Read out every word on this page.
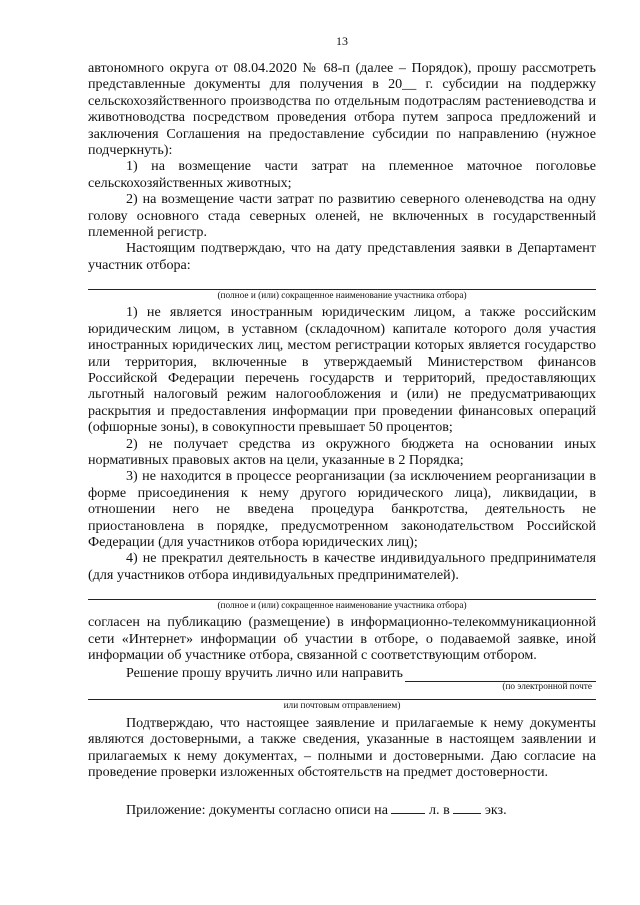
13

автономного округа от 08.04.2020 № 68-п (далее – Порядок), прошу рассмотреть представленные документы для получения в 20__ г. субсидии на поддержку сельскохозяйственного производства по отдельным подотраслям растениеводства и животноводства посредством проведения отбора путем запроса предложений и заключения Соглашения на предоставление субсидии по направлению (нужное подчеркнуть):

1) на возмещение части затрат на племенное маточное поголовье сельскохозяйственных животных;

2) на возмещение части затрат по развитию северного оленеводства на одну голову основного стада северных оленей, не включенных в государственный племенной регистр.

Настоящим подтверждаю, что на дату представления заявки в Департамент участник отбора:

(полное и (или) сокращенное наименование участника отбора)

1) не является иностранным юридическим лицом, а также российским юридическим лицом, в уставном (складочном) капитале которого доля участия иностранных юридических лиц, местом регистрации которых является государство или территория, включенные в утверждаемый Министерством финансов Российской Федерации перечень государств и территорий, предоставляющих льготный налоговый режим налогообложения и (или) не предусматривающих раскрытия и предоставления информации при проведении финансовых операций (офшорные зоны), в совокупности превышает 50 процентов;

2) не получает средства из окружного бюджета на основании иных нормативных правовых актов на цели, указанные в 2 Порядка;

3) не находится в процессе реорганизации (за исключением реорганизации в форме присоединения к нему другого юридического лица), ликвидации, в отношении него не введена процедура банкротства, деятельность не приостановлена в порядке, предусмотренном законодательством Российской Федерации (для участников отбора юридических лиц);

4) не прекратил деятельность в качестве индивидуального предпринимателя (для участников отбора индивидуальных предпринимателей).

(полное и (или) сокращенное наименование участника отбора)

согласен на публикацию (размещение) в информационно-телекоммуникационной сети «Интернет» информации об участии в отборе, о подаваемой заявке, иной информации об участнике отбора, связанной с соответствующим отбором.

Решение прошу вручить лично или направить

(по электронной почте
или почтовым отправлением)

Подтверждаю, что настоящее заявление и прилагаемые к нему документы являются достоверными, а также сведения, указанные в настоящем заявлении и прилагаемых к нему документах, – полными и достоверными. Даю согласие на проведение проверки изложенных обстоятельств на предмет достоверности.

Приложение: документы согласно описи на	л. в экз.
